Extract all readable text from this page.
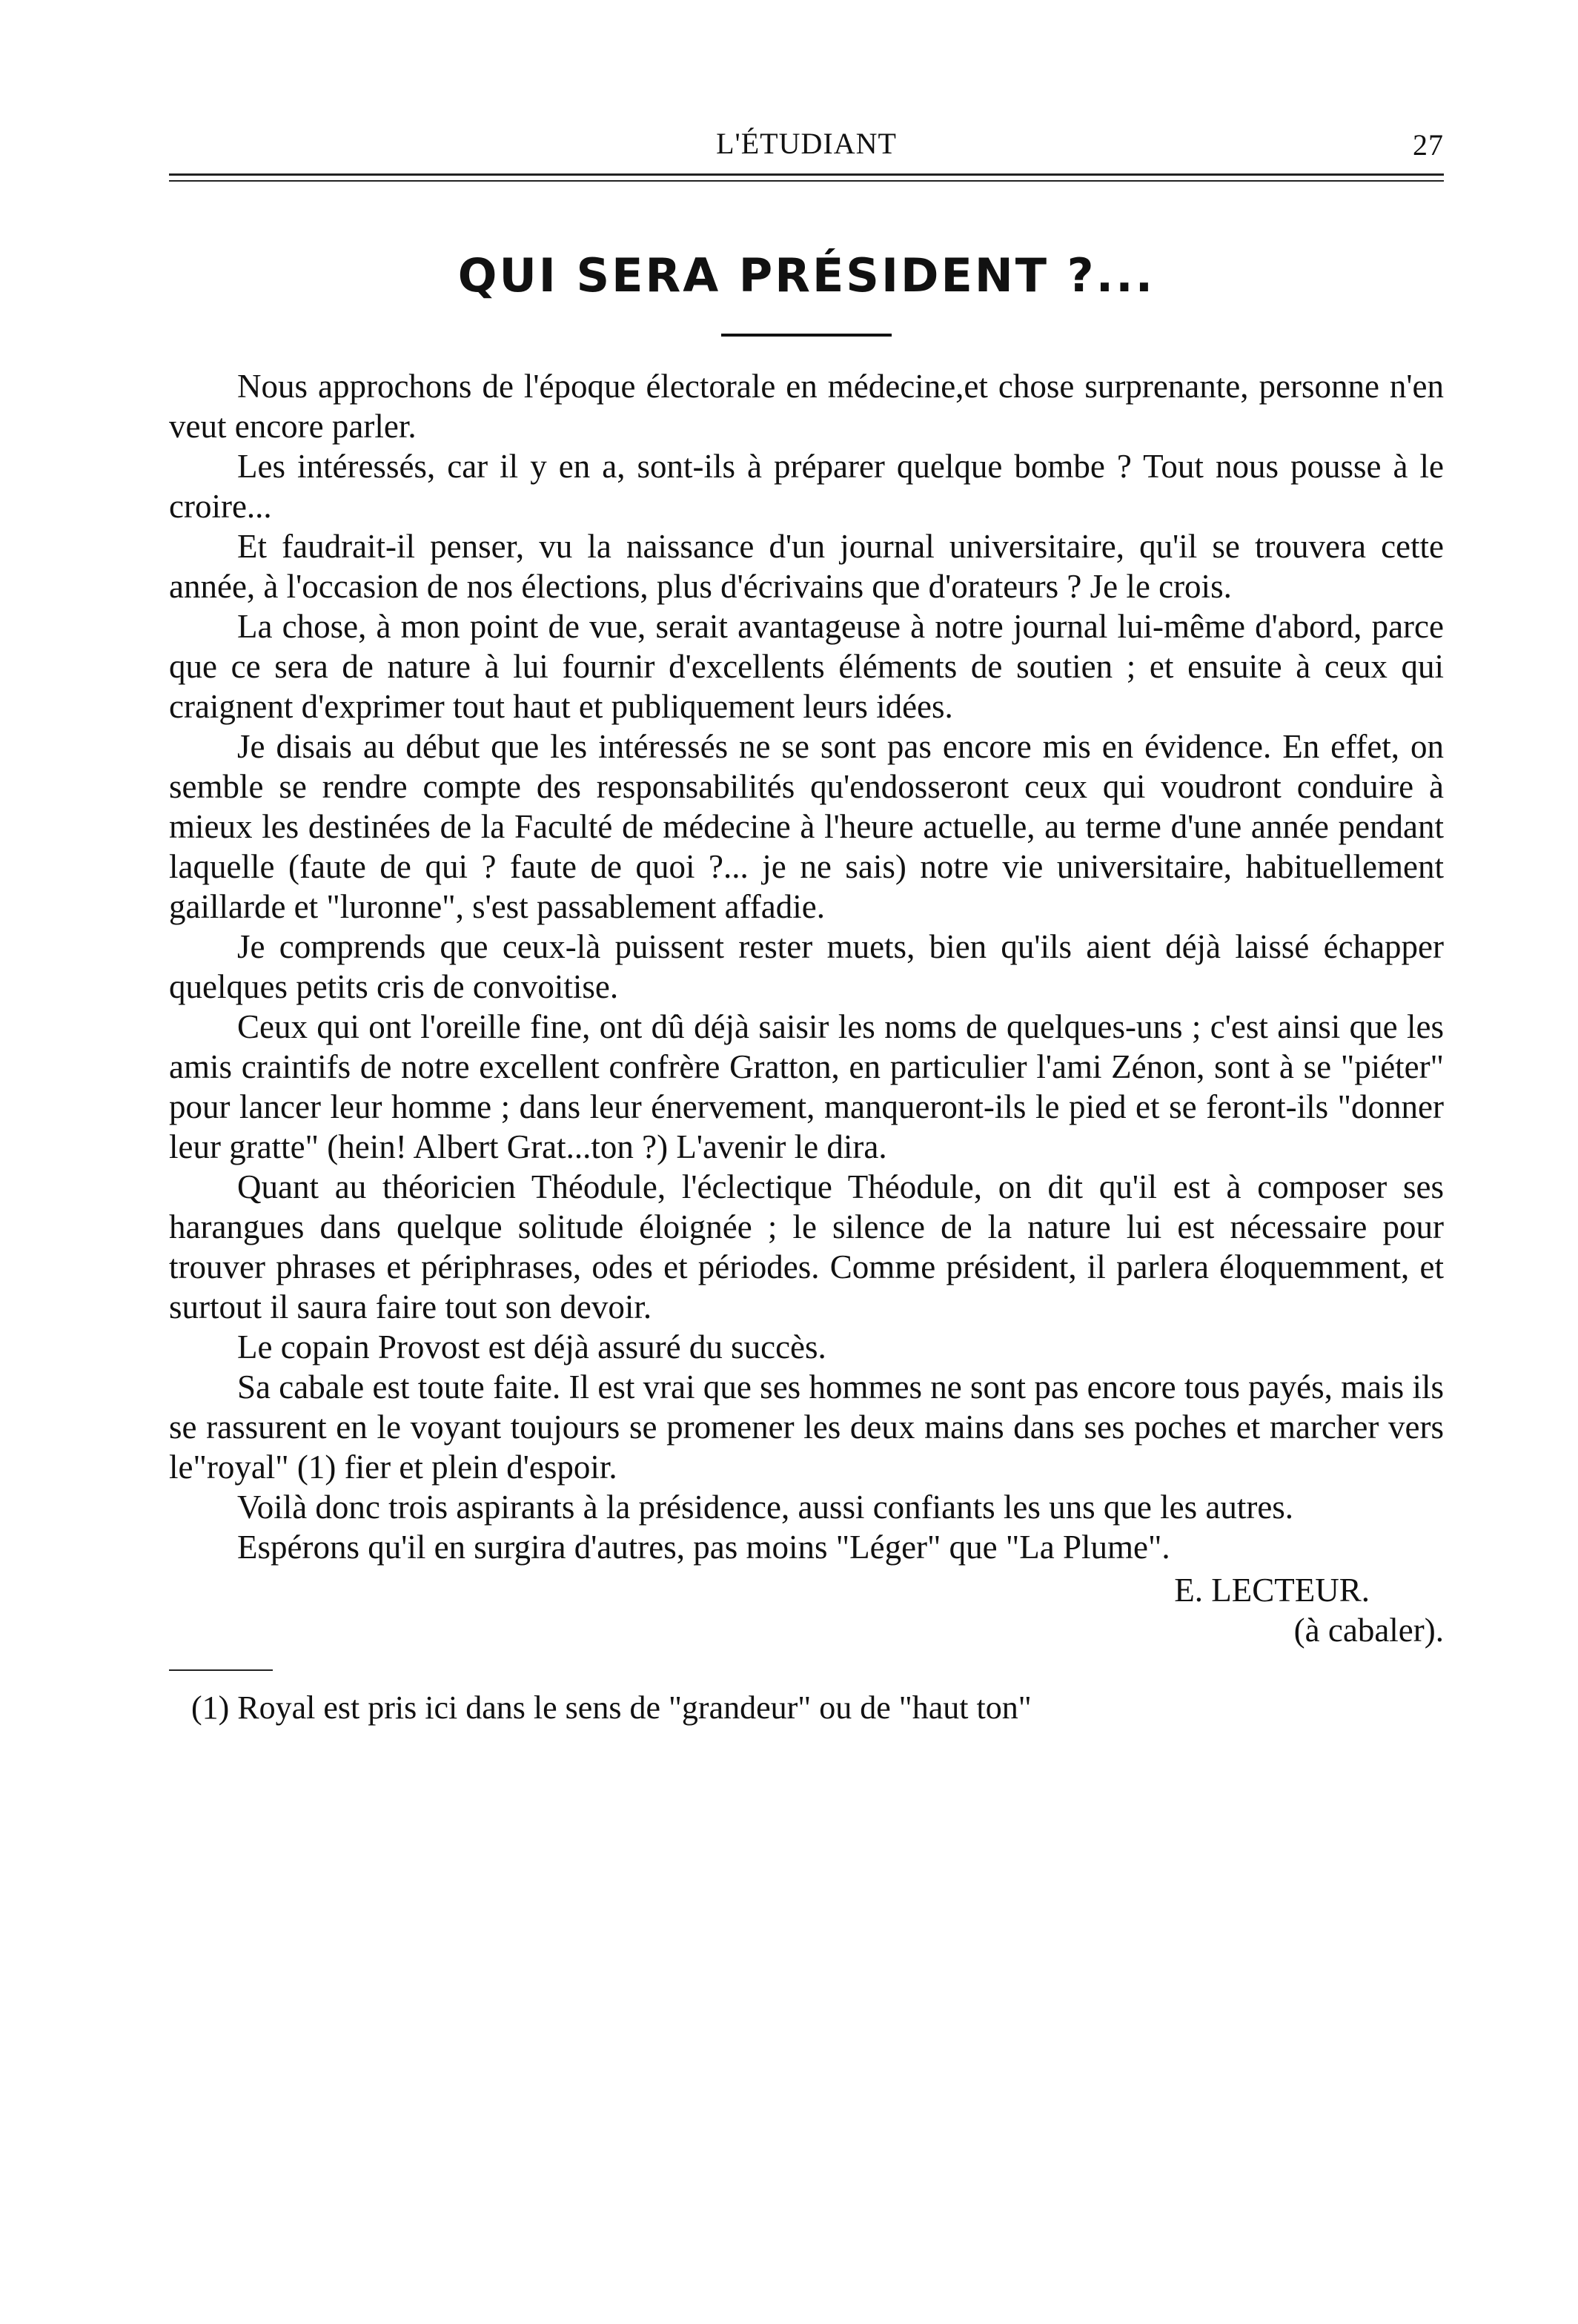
L'ÉTUDIANT	27
QUI SERA PRÉSIDENT ?...

Nous approchons de l'époque électorale en médecine,et chose surprenante, personne n'en veut encore parler.

Les intéressés, car il y en a, sont-ils à préparer quelque bombe ? Tout nous pousse à le croire...

Et faudrait-il penser, vu la naissance d'un journal universitaire, qu'il se trouvera cette année, à l'occasion de nos élections, plus d'écrivains que d'orateurs ? Je le crois.

La chose, à mon point de vue, serait avantageuse à notre journal lui-même d'abord, parce que ce sera de nature à lui fournir d'excellents éléments de soutien ; et ensuite à ceux qui craignent d'exprimer tout haut et publiquement leurs idées.

Je disais au début que les intéressés ne se sont pas encore mis en évidence. En effet, on semble se rendre compte des responsabilités qu'endosseront ceux qui voudront conduire à mieux les destinées de la Faculté de médecine à l'heure actuelle, au terme d'une année pendant laquelle (faute de qui ? faute de quoi ?... je ne sais) notre vie universitaire, habituellement gaillarde et "luronne", s'est passablement affadie.

Je comprends que ceux-là puissent rester muets, bien qu'ils aient déjà laissé échapper quelques petits cris de convoitise.

Ceux qui ont l'oreille fine, ont dû déjà saisir les noms de quelques-uns ; c'est ainsi que les amis craintifs de notre excellent confrère Gratton, en particulier l'ami Zénon, sont à se "piéter" pour lancer leur homme ; dans leur énervement, manqueront-ils le pied et se feront-ils "donner leur gratte" (hein! Albert Grat...ton ?) L'avenir le dira.

Quant au théoricien Théodule, l'éclectique Théodule, on dit qu'il est à composer ses harangues dans quelque solitude éloignée ; le silence de la nature lui est nécessaire pour trouver phrases et périphrases, odes et périodes. Comme président, il parlera éloquemment, et surtout il saura faire tout son devoir.

Le copain Provost est déjà assuré du succès.

Sa cabale est toute faite. Il est vrai que ses hommes ne sont pas encore tous payés, mais ils se rassurent en le voyant toujours se promener les deux mains dans ses poches et marcher vers le"royal" (1) fier et plein d'espoir.

Voilà donc trois aspirants à la présidence, aussi confiants les uns que les autres.

Espérons qu'il en surgira d'autres, pas moins "Léger" que "La Plume".

E. LECTEUR.
(à cabaler).
(1) Royal est pris ici dans le sens de "grandeur" ou de "haut ton"
